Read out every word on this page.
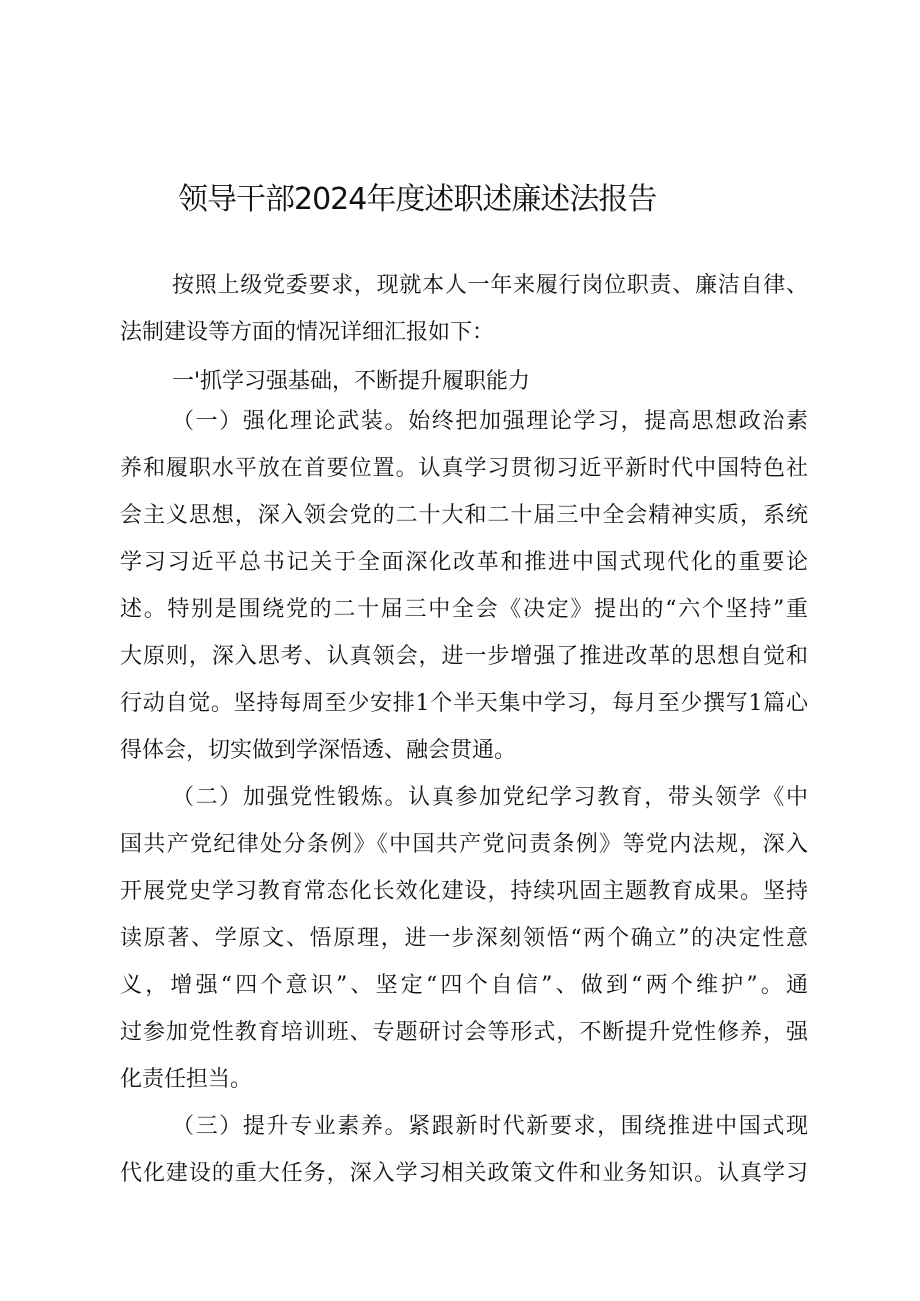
领导干部2024年度述职述廉述法报告
按照上级党委要求，现就本人一年来履行岗位职责、廉洁自律、
法制建设等方面的情况详细汇报如下：
一'抓学习强基础，不断提升履职能力
（一）强化理论武装。始终把加强理论学习，提高思想政治素
养和履职水平放在首要位置。认真学习贯彻习近平新时代中国特色社
会主义思想，深入领会党的二十大和二十届三中全会精神实质，系统
学习习近平总书记关于全面深化改革和推进中国式现代化的重要论
述。特别是围绕党的二十届三中全会《决定》提出的“六个坚持”重
大原则，深入思考、认真领会，进一步增强了推进改革的思想自觉和
行动自觉。坚持每周至少安排1个半天集中学习，每月至少撰写1篇心
得体会，切实做到学深悟透、融会贯通。
（二）加强党性锻炼。认真参加党纪学习教育，带头领学《中
国共产党纪律处分条例》《中国共产党问责条例》等党内法规，深入
开展党史学习教育常态化长效化建设，持续巩固主题教育成果。坚持
读原著、学原文、悟原理，进一步深刻领悟“两个确立”的决定性意
义，增强“四个意识”、坚定“四个自信”、做到“两个维护”。通
过参加党性教育培训班、专题研讨会等形式，不断提升党性修养，强
化责任担当。
（三）提升专业素养。紧跟新时代新要求，围绕推进中国式现
代化建设的重大任务，深入学习相关政策文件和业务知识。认真学习
